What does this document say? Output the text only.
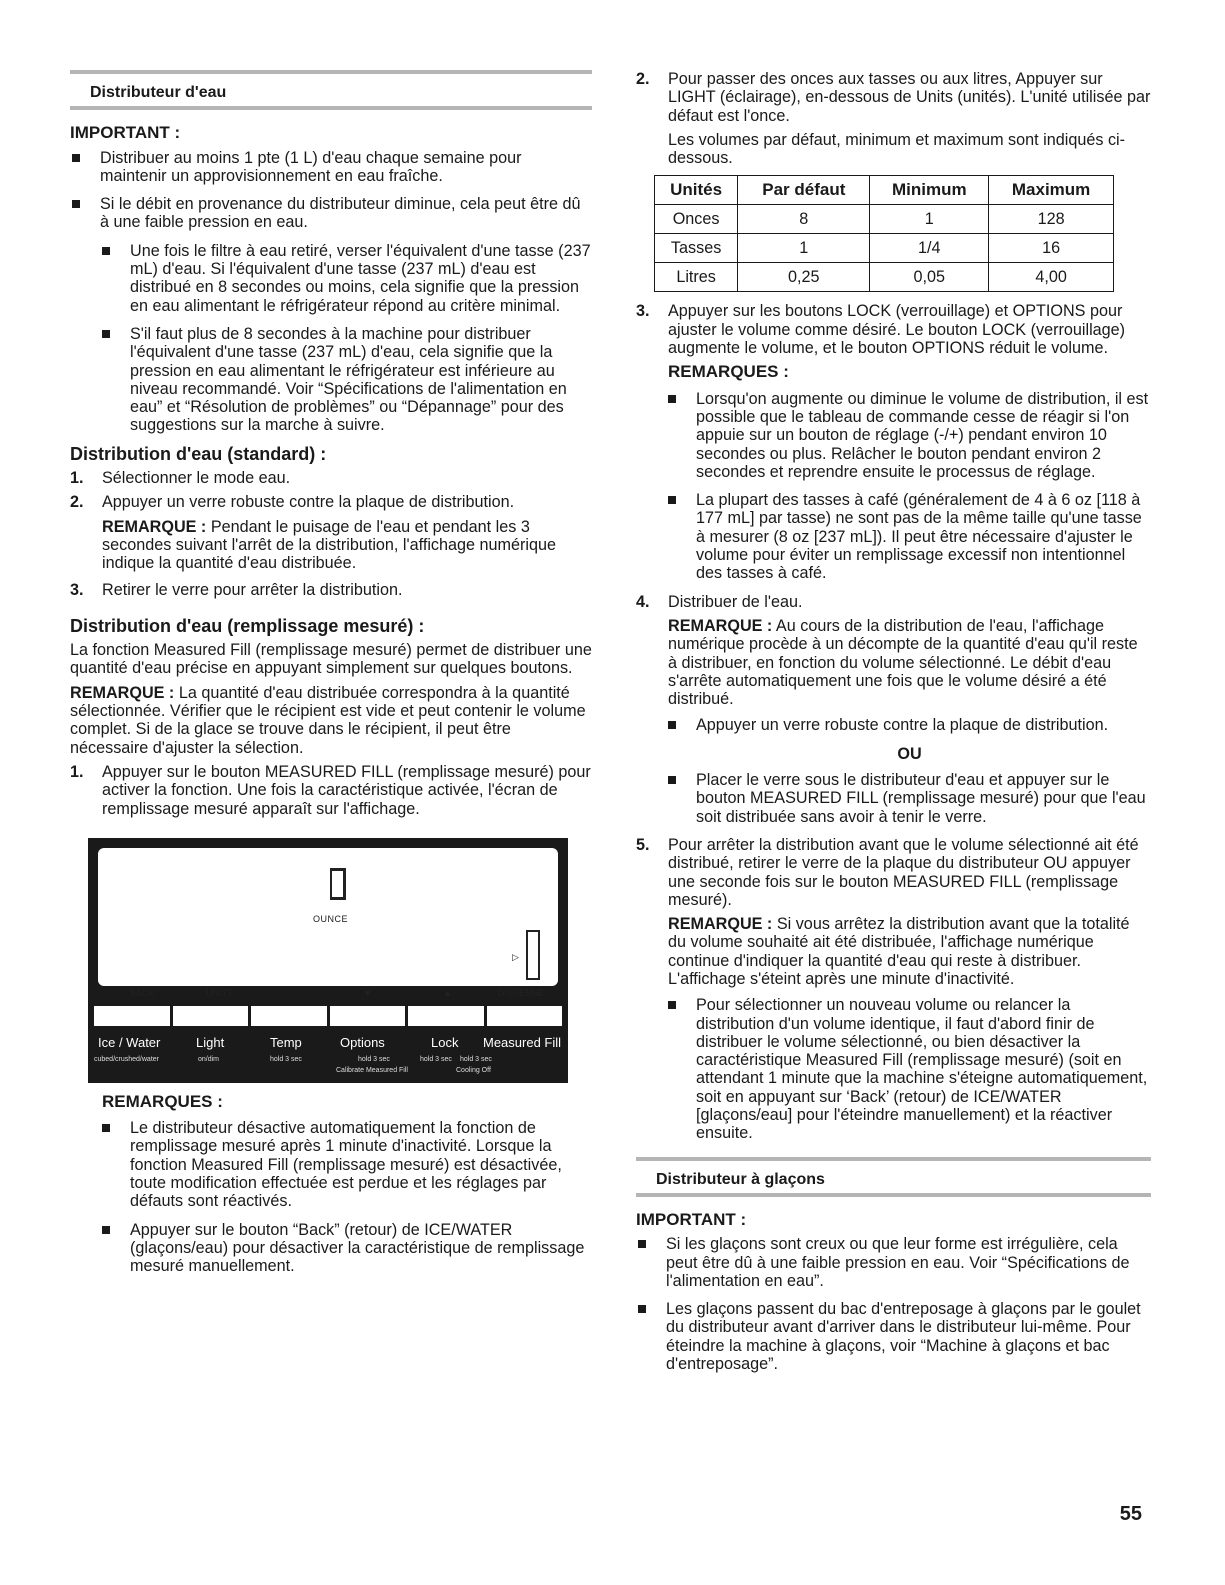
Distributeur d'eau

IMPORTANT :

Distribuer au moins 1 pte (1 L) d'eau chaque semaine pour maintenir un approvisionnement en eau fraîche.

Si le débit en provenance du distributeur diminue, cela peut être dû à une faible pression en eau.

Une fois le filtre à eau retiré, verser l'équivalent d'une tasse (237 mL) d'eau. Si l'équivalent d'une tasse (237 mL) d'eau est distribué en 8 secondes ou moins, cela signifie que la pression en eau alimentant le réfrigérateur répond au critère minimal.

S'il faut plus de 8 secondes à la machine pour distribuer l'équivalent d'une tasse (237 mL) d'eau, cela signifie que la pression en eau alimentant le réfrigérateur est inférieure au niveau recommandé. Voir “Spécifications de l'alimentation en eau” et “Résolution de problèmes” ou “Dépannage” pour des suggestions sur la marche à suivre.

Distribution d'eau (standard) :

1. Sélectionner le mode eau.

2. Appuyer un verre robuste contre la plaque de distribution.

REMARQUE : Pendant le puisage de l'eau et pendant les 3 secondes suivant l'arrêt de la distribution, l'affichage numérique indique la quantité d'eau distribuée.

3. Retirer le verre pour arrêter la distribution.

Distribution d'eau (remplissage mesuré) :

La fonction Measured Fill (remplissage mesuré) permet de distribuer une quantité d'eau précise en appuyant simplement sur quelques boutons.

REMARQUE : La quantité d'eau distribuée correspondra à la quantité sélectionnée. Vérifier que le récipient est vide et peut contenir le volume complet. Si de la glace se trouve dans le récipient, il peut être nécessaire d'ajuster la sélection.

1. Appuyer sur le bouton MEASURED FILL (remplissage mesuré) pour activer la fonction. Une fois la caractéristique activée, l'écran de remplissage mesuré apparaît sur l'affichage.

OUNCE
▷
BACK	UNITS	▼	▲	DISPENSE
Ice / Water	Light	Temp	Options	Lock Measured Fill
cubed/crushed/water	on/dim	hold 3 sec	hold 3 sec	hold 3 sec hold 3 sec
Calibrate Measured Fill	Cooling Off

REMARQUES :

Le distributeur désactive automatiquement la fonction de remplissage mesuré après 1 minute d'inactivité. Lorsque la fonction Measured Fill (remplissage mesuré) est désactivée, toute modification effectuée est perdue et les réglages par défauts sont réactivés.

Appuyer sur le bouton “Back” (retour) de ICE/WATER (glaçons/eau) pour désactiver la caractéristique de remplissage mesuré manuellement.

2. Pour passer des onces aux tasses ou aux litres, Appuyer sur LIGHT (éclairage), en-dessous de Units (unités). L'unité utilisée par défaut est l'once.

Les volumes par défaut, minimum et maximum sont indiqués ci-dessous.

Unités	Par défaut	Minimum	Maximum
Onces	8	1	128
Tasses	1	1/4	16
Litres	0,25	0,05	4,00

3. Appuyer sur les boutons LOCK (verrouillage) et OPTIONS pour ajuster le volume comme désiré. Le bouton LOCK (verrouillage) augmente le volume, et le bouton OPTIONS réduit le volume.

REMARQUES :

Lorsqu'on augmente ou diminue le volume de distribution, il est possible que le tableau de commande cesse de réagir si l'on appuie sur un bouton de réglage (-/+) pendant environ 10 secondes ou plus. Relâcher le bouton pendant environ 2 secondes et reprendre ensuite le processus de réglage.

La plupart des tasses à café (généralement de 4 à 6 oz [118 à 177 mL] par tasse) ne sont pas de la même taille qu'une tasse à mesurer (8 oz [237 mL]). Il peut être nécessaire d'ajuster le volume pour éviter un remplissage excessif non intentionnel des tasses à café.

4. Distribuer de l'eau.

REMARQUE : Au cours de la distribution de l'eau, l'affichage numérique procède à un décompte de la quantité d'eau qu'il reste à distribuer, en fonction du volume sélectionné. Le débit d'eau s'arrête automatiquement une fois que le volume désiré a été distribué.

Appuyer un verre robuste contre la plaque de distribution.

OU

Placer le verre sous le distributeur d'eau et appuyer sur le bouton MEASURED FILL (remplissage mesuré) pour que l'eau soit distribuée sans avoir à tenir le verre.

5. Pour arrêter la distribution avant que le volume sélectionné ait été distribué, retirer le verre de la plaque du distributeur OU appuyer une seconde fois sur le bouton MEASURED FILL (remplissage mesuré).

REMARQUE : Si vous arrêtez la distribution avant que la totalité du volume souhaité ait été distribuée, l'affichage numérique continue d'indiquer la quantité d'eau qui reste à distribuer. L'affichage s'éteint après une minute d'inactivité.

Pour sélectionner un nouveau volume ou relancer la distribution d'un volume identique, il faut d'abord finir de distribuer le volume sélectionné, ou bien désactiver la caractéristique Measured Fill (remplissage mesuré) (soit en attendant 1 minute que la machine s'éteigne automatiquement, soit en appuyant sur ‘Back’ (retour) de ICE/WATER [glaçons/eau] pour l'éteindre manuellement) et la réactiver ensuite.

Distributeur à glaçons

IMPORTANT :

Si les glaçons sont creux ou que leur forme est irrégulière, cela peut être dû à une faible pression en eau. Voir “Spécifications de l'alimentation en eau”.

Les glaçons passent du bac d'entreposage à glaçons par le goulet du distributeur avant d'arriver dans le distributeur lui-même. Pour éteindre la machine à glaçons, voir “Machine à glaçons et bac d'entreposage”.

55
